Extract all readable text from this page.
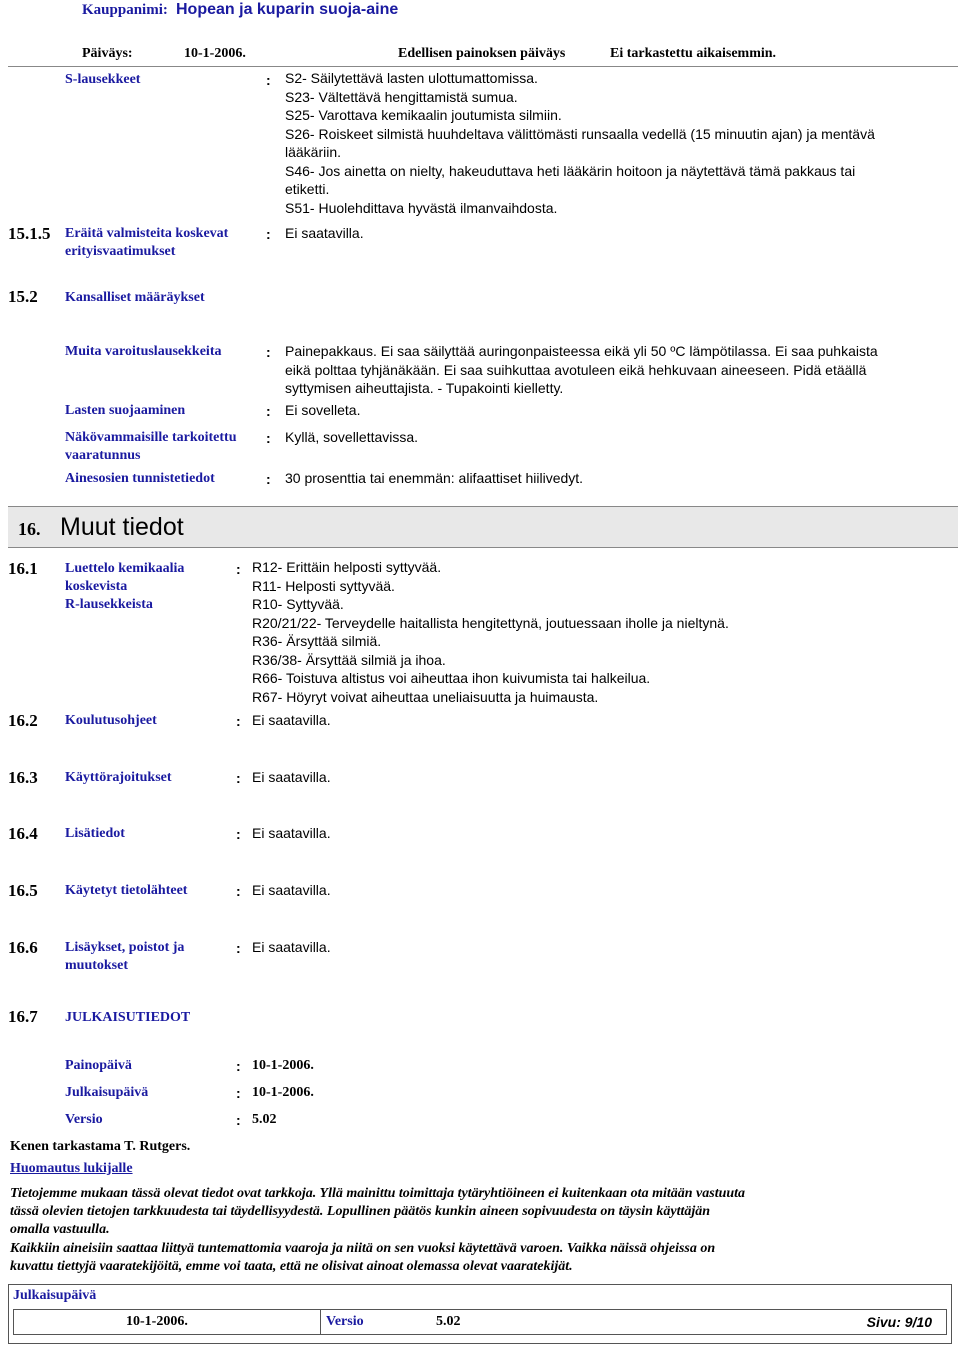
Kauppanimi: Hopean ja kuparin suoja-aine
Päiväys:	10-1-2006.	Edellisen painoksen päiväys	Ei tarkastettu aikaisemmin.
S-lausekkeet	: S2- Säilytettävä lasten ulottumattomissa.
S23- Vältettävä hengittamistä sumua.
S25- Varottava kemikaalin joutumista silmiin.
S26- Roiskeet silmistä huuhdeltava välittömästi runsaalla vedellä (15 minuutin ajan) ja mentävä
lääkäriin.
S46- Jos ainetta on nielty, hakeuduttava heti lääkärin hoitoon ja näytettävä tämä pakkaus tai
etiketti.
S51- Huolehdittava hyvästä ilmanvaihdosta.
15.1.5 Eräitä valmisteita koskevat
erityisvaatimukset
: Ei saatavilla.
15.2 Kansalliset määräykset
Muita varoituslausekkeita	: Painepakkaus. Ei saa säilyttää auringonpaisteessa eikä yli 50 ºC lämpötilassa. Ei saa puhkaista
eikä polttaa tyhjänäkään. Ei saa suihkuttaa avotuleen eikä hehkuvaan aineeseen. Pidä etäällä
syttymisen aiheuttajista. - Tupakointi kielletty.
Lasten suojaaminen	: Ei sovelleta.
Näkövammaisille tarkoitettu
vaaratunnus
: Kyllä, sovellettavissa.
Ainesosien tunnistetiedot	: 30 prosenttia tai enemmän: alifaattiset hiilivedyt.
16. Muut tiedot
16.1 Luettelo kemikaalia
koskevista
R-lausekkeista
: R12- Erittäin helposti syttyvää.
R11- Helposti syttyvää.
R10- Syttyvää.
R20/21/22- Terveydelle haitallista hengitettynä, joutuessaan iholle ja nieltynä.
R36- Ärsyttää silmiä.
R36/38- Ärsyttää silmiä ja ihoa.
R66- Toistuva altistus voi aiheuttaa ihon kuivumista tai halkeilua.
R67- Höyryt voivat aiheuttaa uneliaisuutta ja huimausta.
16.2 Koulutusohjeet	: Ei saatavilla.
16.3 Käyttörajoitukset	: Ei saatavilla.
16.4 Lisätiedot	: Ei saatavilla.
16.5 Käytetyt tietolähteet	: Ei saatavilla.
16.6 Lisäykset, poistot ja
muutokset
: Ei saatavilla.
16.7 JULKAISUTIEDOT
Painopäivä	: 10-1-2006.
Julkaisupäivä	: 10-1-2006.
Versio	: 5.02
Kenen tarkastama T. Rutgers.
Huomautus lukijalle
Tietojemme mukaan tässä olevat tiedot ovat tarkkoja. Yllä mainittu toimittaja tytäryhtiöineen ei kuitenkaan ota mitään vastuuta
tässä olevien tietojen tarkkuudesta tai täydellisyydestä. Lopullinen päätös kunkin aineen sopivuudesta on täysin käyttäjän
omalla vastuulla.
Kaikkiin aineisiin saattaa liittyä tuntemattomia vaaroja ja niitä on sen vuoksi käytettävä varoen. Vaikka näissä ohjeissa on
kuvattu tiettyjä vaaratekijöitä, emme voi taata, että ne olisivat ainoat olemassa olevat vaaratekijät.
Julkaisupäivä
10-1-2006.	Versio	5.02	Sivu: 9/10
